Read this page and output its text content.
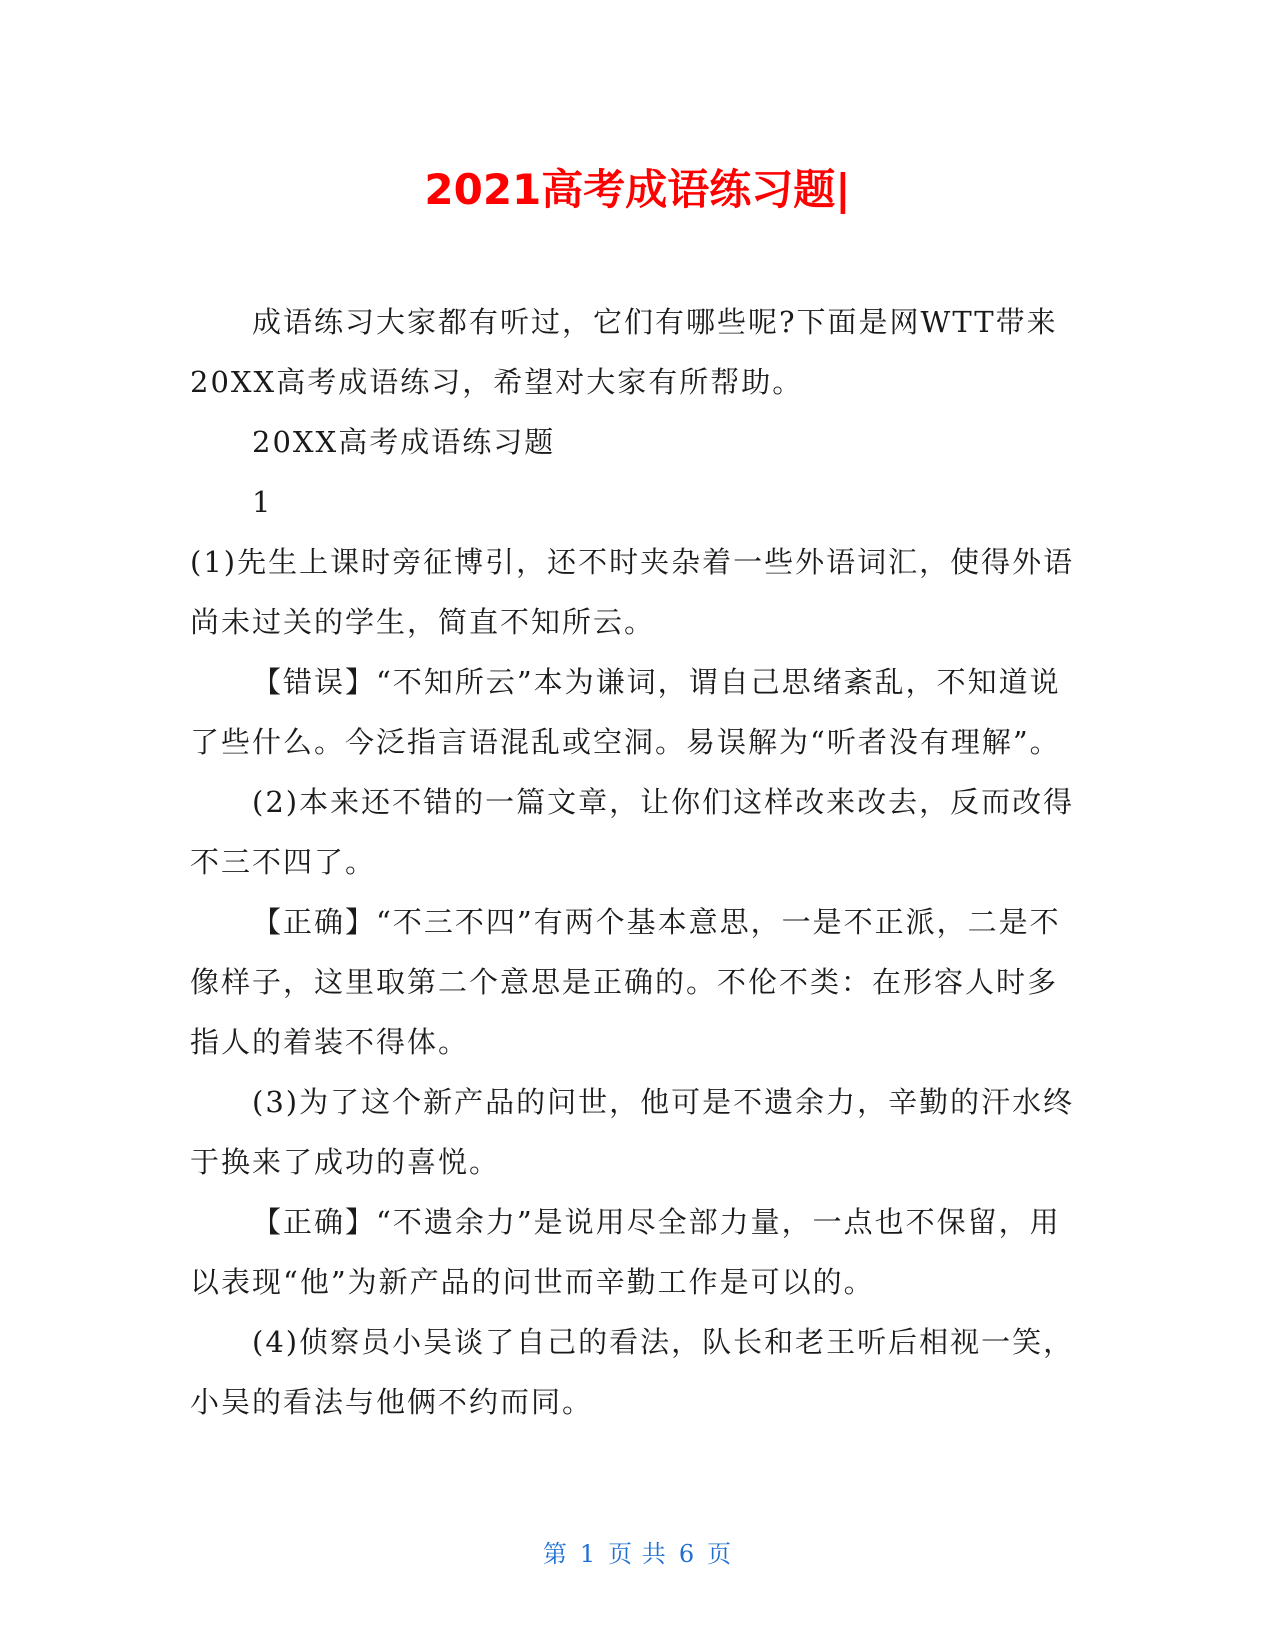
2021高考成语练习题|

成语练习大家都有听过，它们有哪些呢?下面是网WTT带来20XX高考成语练习，希望对大家有所帮助。

20XX高考成语练习题

1

(1)先生上课时旁征博引，还不时夹杂着一些外语词汇，使得外语尚未过关的学生，简直不知所云。

【错误】“不知所云”本为谦词，谓自己思绪紊乱，不知道说了些什么。今泛指言语混乱或空洞。易误解为“听者没有理解”。

(2)本来还不错的一篇文章，让你们这样改来改去，反而改得不三不四了。

【正确】“不三不四”有两个基本意思，一是不正派，二是不像样子，这里取第二个意思是正确的。不伦不类：在形容人时多指人的着装不得体。

(3)为了这个新产品的问世，他可是不遗余力，辛勤的汗水终于换来了成功的喜悦。

【正确】“不遗余力”是说用尽全部力量，一点也不保留，用以表现“他”为新产品的问世而辛勤工作是可以的。

(4)侦察员小吴谈了自己的看法，队长和老王听后相视一笑，小吴的看法与他俩不约而同。

第 1 页 共 6 页
